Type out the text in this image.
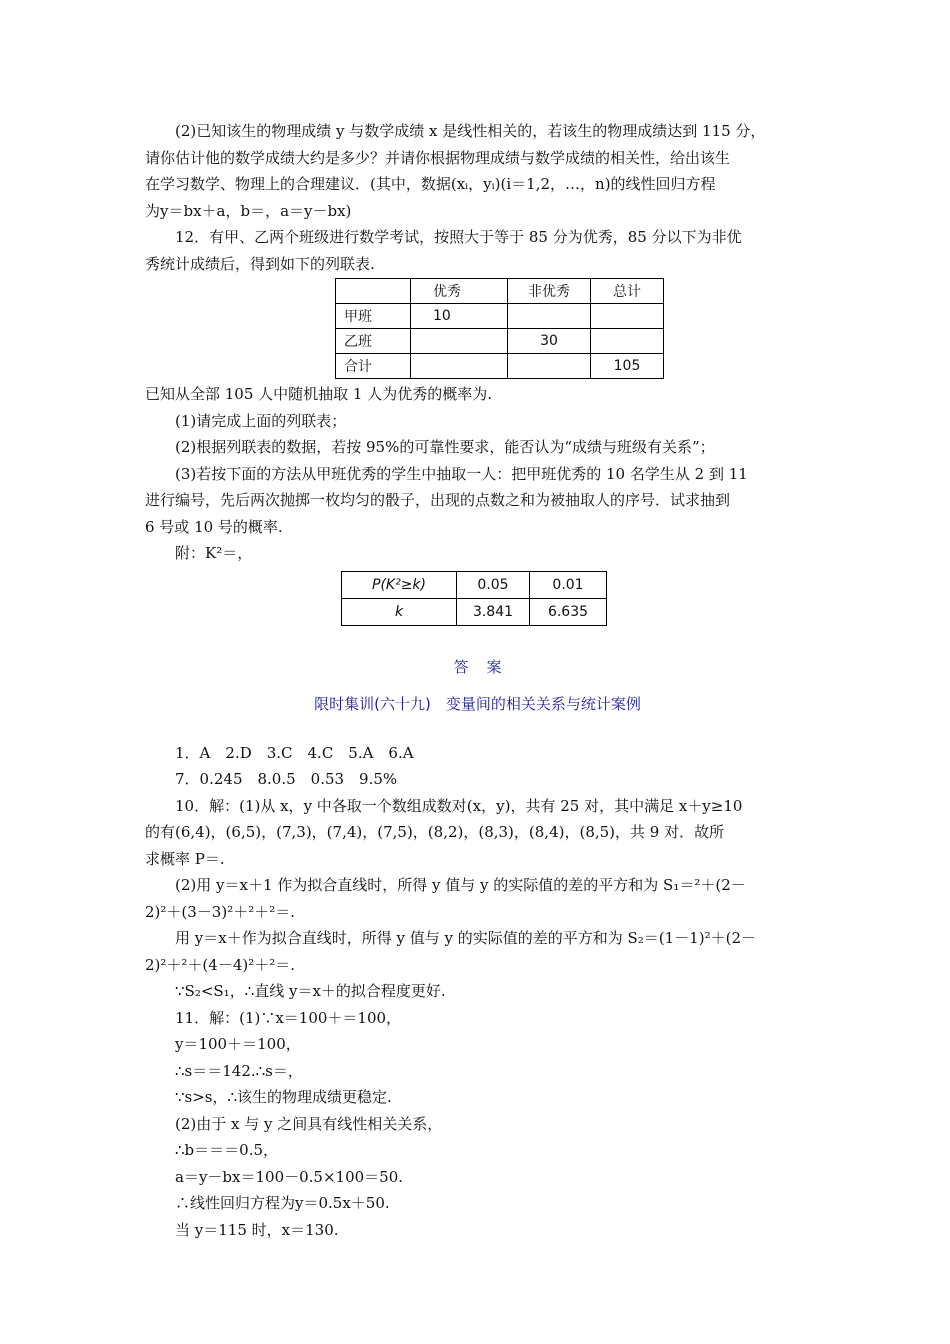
(2)已知该生的物理成绩 y 与数学成绩 x 是线性相关的，若该生的物理成绩达到 115 分，
请你估计他的数学成绩大约是多少？并请你根据物理成绩与数学成绩的相关性，给出该生
在学习数学、物理上的合理建议．(其中，数据(xᵢ，yᵢ)(i＝1,2，…，n)的线性回归方程
为y＝bx＋a，b＝，a＝y－bx)
12．有甲、乙两个班级进行数学考试，按照大于等于 85 分为优秀，85 分以下为非优
秀统计成绩后，得到如下的列联表.
	优秀	非优秀	总计
甲班	10		
乙班		30	
合计			105
已知从全部 105 人中随机抽取 1 人为优秀的概率为.
(1)请完成上面的列联表；
(2)根据列联表的数据，若按 95%的可靠性要求，能否认为“成绩与班级有关系”；
(3)若按下面的方法从甲班优秀的学生中抽取一人：把甲班优秀的 10 名学生从 2 到 11
进行编号，先后两次抛掷一枚均匀的骰子，出现的点数之和为被抽取人的序号．试求抽到
6 号或 10 号的概率.
附：K²＝，
P(K²≥k)	0.05	0.01
k	3.841	6.635
答案
限时集训(六十九)　变量间的相关关系与统计案例
1．A　2.D　3.C　4.C　5.A　6.A
7．0.245　8.0.5　0.53　9.5%
10．解：(1)从 x，y 中各取一个数组成数对(x，y)，共有 25 对，其中满足 x＋y≥10
的有(6,4)，(6,5)，(7,3)，(7,4)，(7,5)，(8,2)，(8,3)，(8,4)，(8,5)，共 9 对．故所
求概率 P＝.
(2)用 y＝x＋1 作为拟合直线时，所得 y 值与 y 的实际值的差的平方和为 S₁＝²＋(2－
2)²＋(3－3)²＋²＋²＝.
用 y＝x＋作为拟合直线时，所得 y 值与 y 的实际值的差的平方和为 S₂＝(1－1)²＋(2－
2)²＋²＋(4－4)²＋²＝.
∵S₂<S₁，∴直线 y＝x＋的拟合程度更好.
11．解：(1)∵x＝100＋＝100，
y＝100＋＝100，
∴s＝＝142.∴s＝，
∵s>s，∴该生的物理成绩更稳定.
(2)由于 x 与 y 之间具有线性相关关系，
∴b＝＝＝0.5，
a＝y－bx＝100－0.5×100＝50.
∴线性回归方程为y＝0.5x＋50.
当 y＝115 时，x＝130.
